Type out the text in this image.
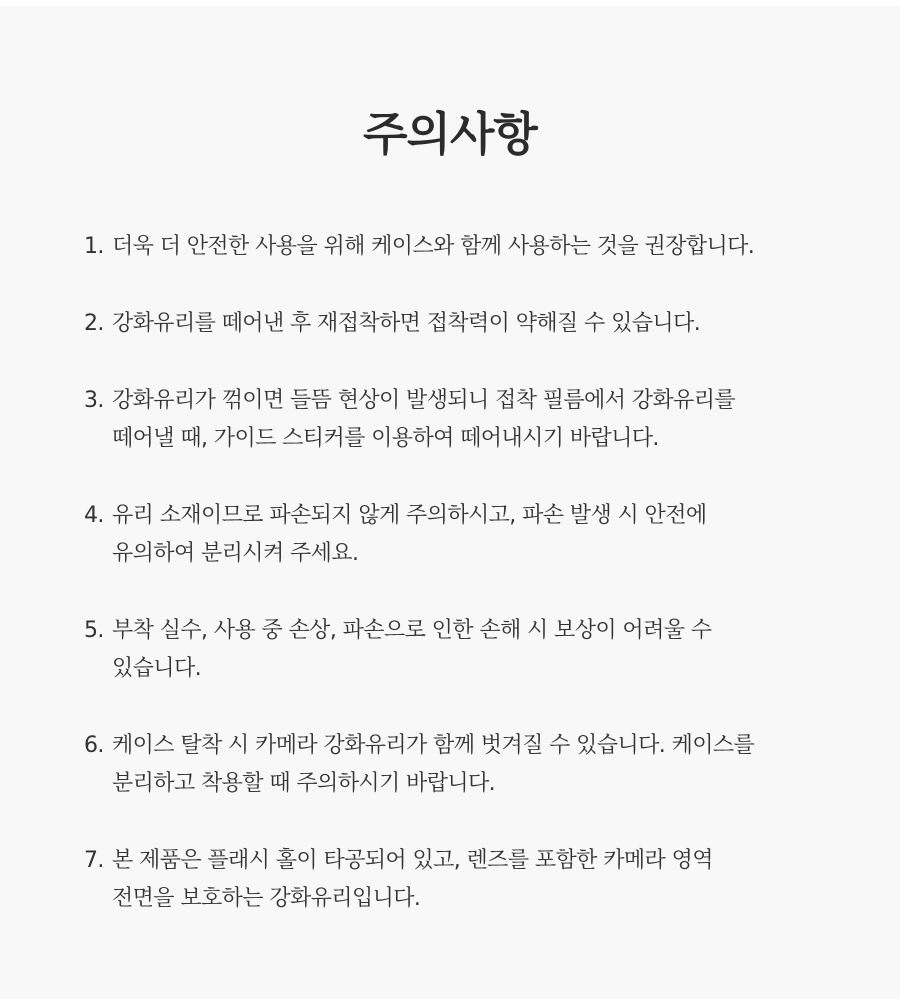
주의사항
1. 더욱 더 안전한 사용을 위해 케이스와 함께 사용하는 것을 권장합니다.

2. 강화유리를 떼어낸 후 재접착하면 접착력이 약해질 수 있습니다.

3. 강화유리가 꺾이면 들뜸 현상이 발생되니 접착 필름에서 강화유리를
떼어낼 때, 가이드 스티커를 이용하여 떼어내시기 바랍니다.

4. 유리 소재이므로 파손되지 않게 주의하시고, 파손 발생 시 안전에
유의하여 분리시켜 주세요.

5. 부착 실수, 사용 중 손상, 파손으로 인한 손해 시 보상이 어려울 수
있습니다.

6. 케이스 탈착 시 카메라 강화유리가 함께 벗겨질 수 있습니다. 케이스를
분리하고 착용할 때 주의하시기 바랍니다.

7. 본 제품은 플래시 홀이 타공되어 있고, 렌즈를 포함한 카메라 영역
전면을 보호하는 강화유리입니다.
